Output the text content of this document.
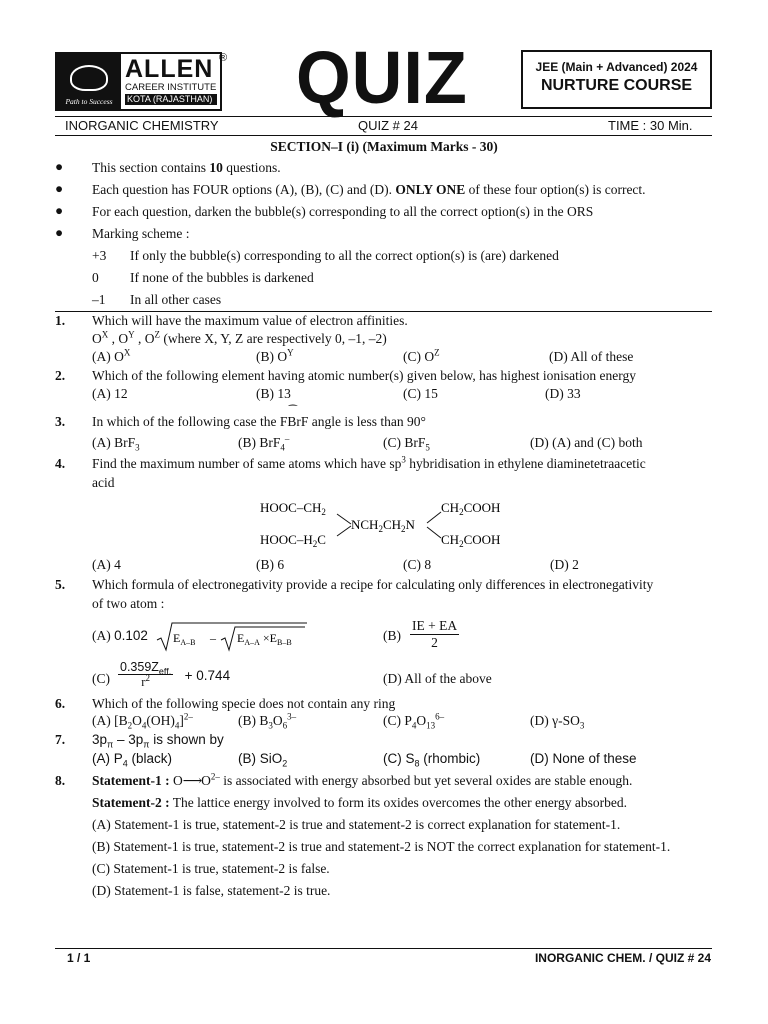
Path to Success
ALLEN
CAREER INSTITUTE
KOTA (RAJASTHAN)
® QUIZ	JEE (Main + Advanced) 2024
NURTURE COURSE
INORGANIC CHEMISTRY	QUIZ # 24	TIME : 30 Min.
SECTION–I (i) (Maximum Marks - 30)
● This section contains 10 questions.
● Each question has FOUR options (A), (B), (C) and (D). ONLY ONE of these four option(s) is correct.
● For each question, darken the bubble(s) corresponding to all the correct option(s) in the ORS
● Marking scheme :
+3 If only the bubble(s) corresponding to all the correct option(s) is (are) darkened
0 If none of the bubbles is darkened
–1 In all other cases
1. Which will have the maximum value of electron affinities.
$O^X$ , $O^Y$ , $O^Z$ (where X, Y, Z are respectively 0, –1, –2)
(A) $O^X$	(B) $O^Y$	(C) $O^Z$	(D) All of these
2. Which of the following element having atomic number(s) given below, has highest ionisation energy
(A) 12	(B) 13	(C) 15	(D) 33
3. In which of the following case the
⁀
FBrF angle is less than 90°
(A) BrF$_3$	(B) BrF$_4$–	(C) BrF$_5$	(D) (A) and (C) both
4. Find the maximum number of same atoms which have $sp^3$ hybridisation in ethylene diaminetetraacetic
acid
HOOC–$CH_2$
HOOC–$H_2C$
$NCH_2CH_2N$
$CH_2COOH$
$CH_2COOH$
(A) 4	(B) 6	(C) 8	(D) 2
5. Which formula of electronegativity provide a recipe for calculating only differences in electronegativity
of two atom :
(A) 0.102 $E_{A-B} - E_{A-A} \times E_{B-B}$	$(B) \frac{IE + EA}{2}$
$(C) \frac{0.359Z_{eff.}}{r^2} + 0.744$	(D) All of the above
6. Which of the following specie does not contain any ring
(A) $[B_2O_4(OH)_4]^{2-}$	(B) $B_3O_6^{3-}$	(C) $P_4O_{13}^{6-}$	(D) $\gamma-SO_3$
7. $3p_\pi - 3p_\pi$ is shown by
(A) $P_4$ (black)	(B) SiO$_2$	(C) $S_8$ (rhombic)	(D) None of these
8. Statement-1 : $O⟶O^{2-}$ is associated with energy absorbed but yet several oxides are stable enough.
Statement-2 : The lattice energy involved to form its oxides overcomes the other energy absorbed.
(A) Statement-1 is true, statement-2 is true and statement-2 is correct explanation for statement-1.
(B) Statement-1 is true, statement-2 is true and statement-2 is NOT the correct explanation for statement-1.
(C) Statement-1 is true, statement-2 is false.
(D) Statement-1 is false, statement-2 is true.
1 / 1	INORGANIC CHEM. / QUIZ # 24
